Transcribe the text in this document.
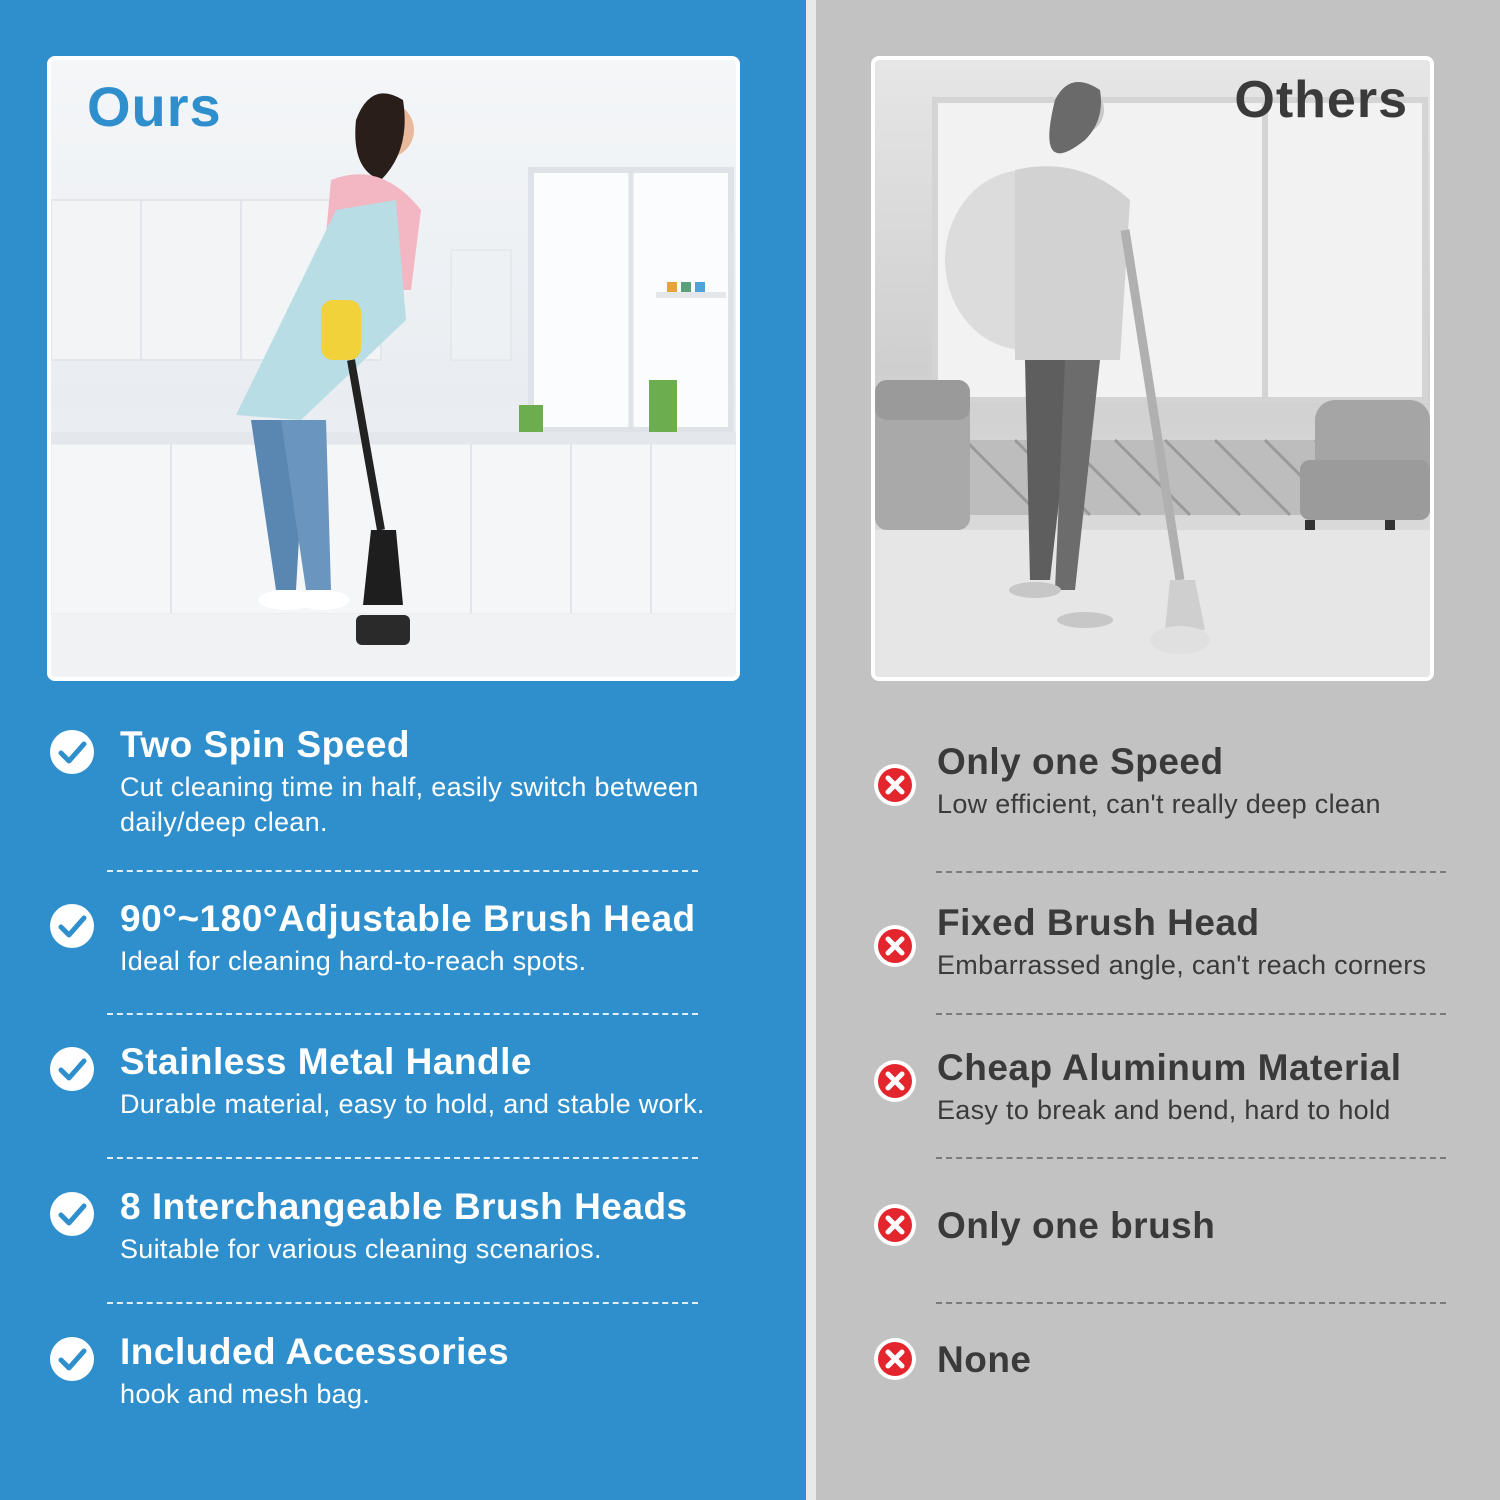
Ours
Two Spin Speed
Cut cleaning time in half, easily switch between daily/deep clean.
90°~180°Adjustable Brush Head
Ideal for cleaning hard-to-reach spots.
Stainless Metal Handle
Durable material, easy to hold, and stable work.
8 Interchangeable Brush Heads
Suitable for various cleaning scenarios.
Included Accessories
hook and mesh bag.
Others
Only one Speed
Low efficient, can't really deep clean
Fixed Brush Head
Embarrassed angle, can't reach corners
Cheap Aluminum Material
Easy to break and bend, hard to hold
Only one brush
None
